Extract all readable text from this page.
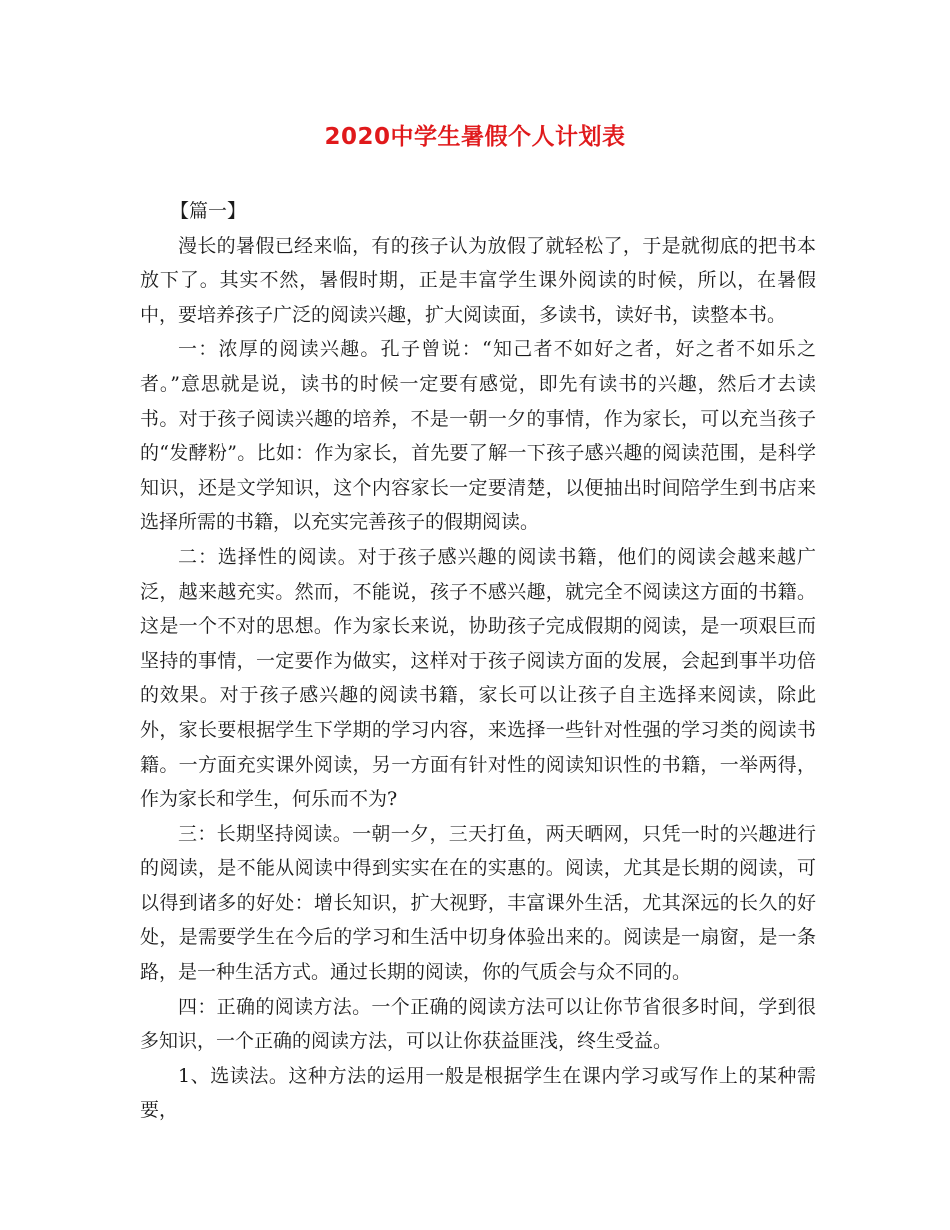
2020中学生暑假个人计划表

【篇一】

漫长的暑假已经来临，有的孩子认为放假了就轻松了，于是就彻底的把书本放下了。其实不然，暑假时期，正是丰富学生课外阅读的时候，所以，在暑假中，要培养孩子广泛的阅读兴趣，扩大阅读面，多读书，读好书，读整本书。

一：浓厚的阅读兴趣。孔子曾说：“知己者不如好之者，好之者不如乐之者。”意思就是说，读书的时候一定要有感觉，即先有读书的兴趣，然后才去读书。对于孩子阅读兴趣的培养，不是一朝一夕的事情，作为家长，可以充当孩子的“发酵粉”。比如：作为家长，首先要了解一下孩子感兴趣的阅读范围，是科学知识，还是文学知识，这个内容家长一定要清楚，以便抽出时间陪学生到书店来选择所需的书籍，以充实完善孩子的假期阅读。

二：选择性的阅读。对于孩子感兴趣的阅读书籍，他们的阅读会越来越广泛，越来越充实。然而，不能说，孩子不感兴趣，就完全不阅读这方面的书籍。这是一个不对的思想。作为家长来说，协助孩子完成假期的阅读，是一项艰巨而坚持的事情，一定要作为做实，这样对于孩子阅读方面的发展，会起到事半功倍的效果。对于孩子感兴趣的阅读书籍，家长可以让孩子自主选择来阅读，除此外，家长要根据学生下学期的学习内容，来选择一些针对性强的学习类的阅读书籍。一方面充实课外阅读，另一方面有针对性的阅读知识性的书籍，一举两得，作为家长和学生，何乐而不为?

三：长期坚持阅读。一朝一夕，三天打鱼，两天晒网，只凭一时的兴趣进行的阅读，是不能从阅读中得到实实在在的实惠的。阅读，尤其是长期的阅读，可以得到诸多的好处：增长知识，扩大视野，丰富课外生活，尤其深远的长久的好处，是需要学生在今后的学习和生活中切身体验出来的。阅读是一扇窗，是一条路，是一种生活方式。通过长期的阅读，你的气质会与众不同的。

四：正确的阅读方法。一个正确的阅读方法可以让你节省很多时间，学到很多知识，一个正确的阅读方法，可以让你获益匪浅，终生受益。

1、选读法。这种方法的运用一般是根据学生在课内学习或写作上的某种需要，
